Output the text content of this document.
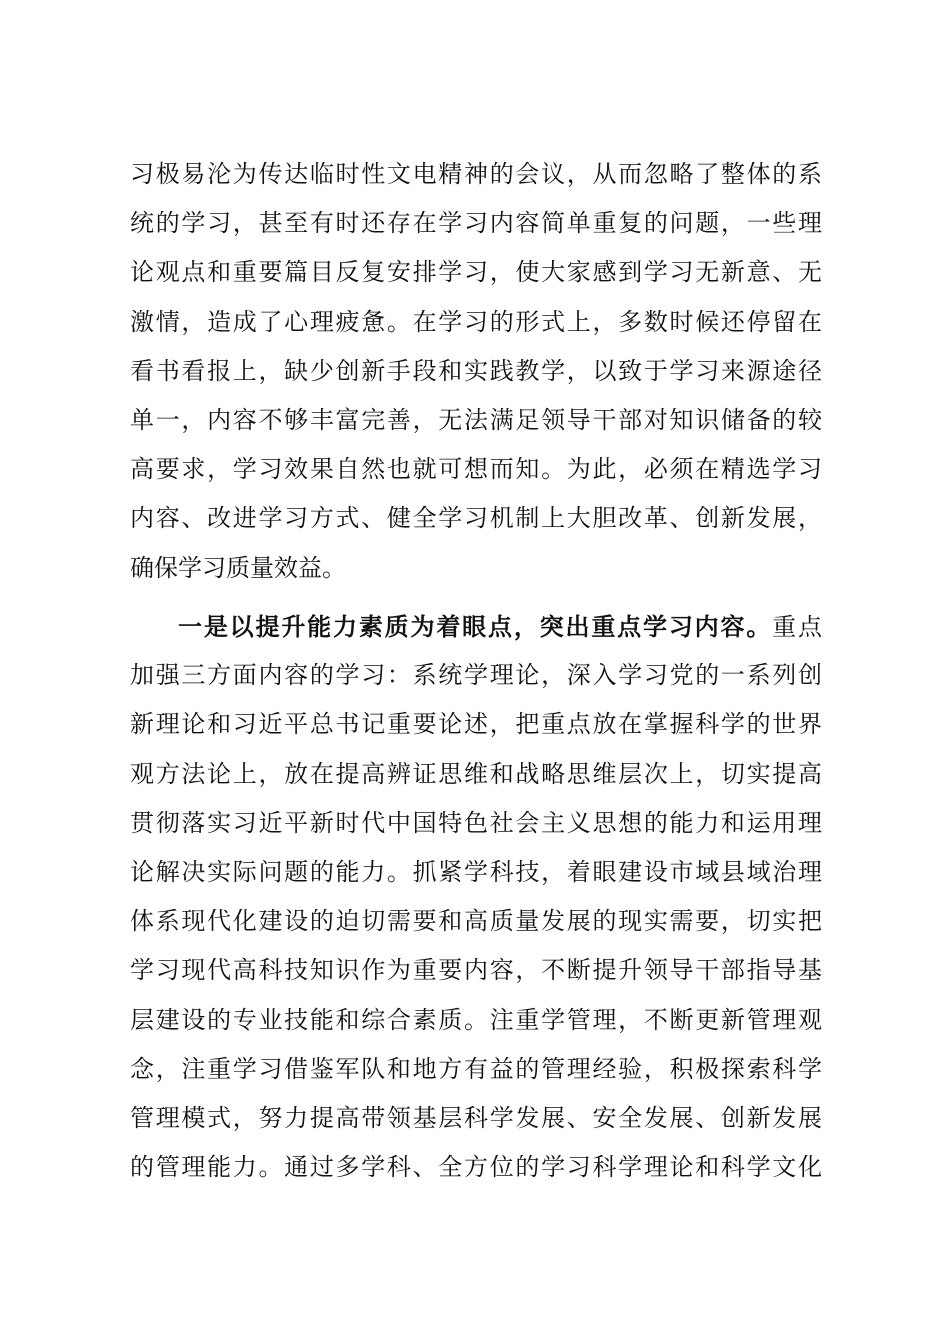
习极易沦为传达临时性文电精神的会议，从而忽略了整体的系
统的学习，甚至有时还存在学习内容简单重复的问题，一些理
论观点和重要篇目反复安排学习，使大家感到学习无新意、无
激情，造成了心理疲惫。在学习的形式上，多数时候还停留在
看书看报上，缺少创新手段和实践教学，以致于学习来源途径
单一，内容不够丰富完善，无法满足领导干部对知识储备的较
高要求，学习效果自然也就可想而知。为此，必须在精选学习
内容、改进学习方式、健全学习机制上大胆改革、创新发展，
确保学习质量效益。
一是以提升能力素质为着眼点，突出重点学习内容。重点
加强三方面内容的学习：系统学理论，深入学习党的一系列创
新理论和习近平总书记重要论述，把重点放在掌握科学的世界
观方法论上，放在提高辨证思维和战略思维层次上，切实提高
贯彻落实习近平新时代中国特色社会主义思想的能力和运用理
论解决实际问题的能力。抓紧学科技，着眼建设市域县域治理
体系现代化建设的迫切需要和高质量发展的现实需要，切实把
学习现代高科技知识作为重要内容，不断提升领导干部指导基
层建设的专业技能和综合素质。注重学管理，不断更新管理观
念，注重学习借鉴军队和地方有益的管理经验，积极探索科学
管理模式，努力提高带领基层科学发展、安全发展、创新发展
的管理能力。通过多学科、全方位的学习科学理论和科学文化
